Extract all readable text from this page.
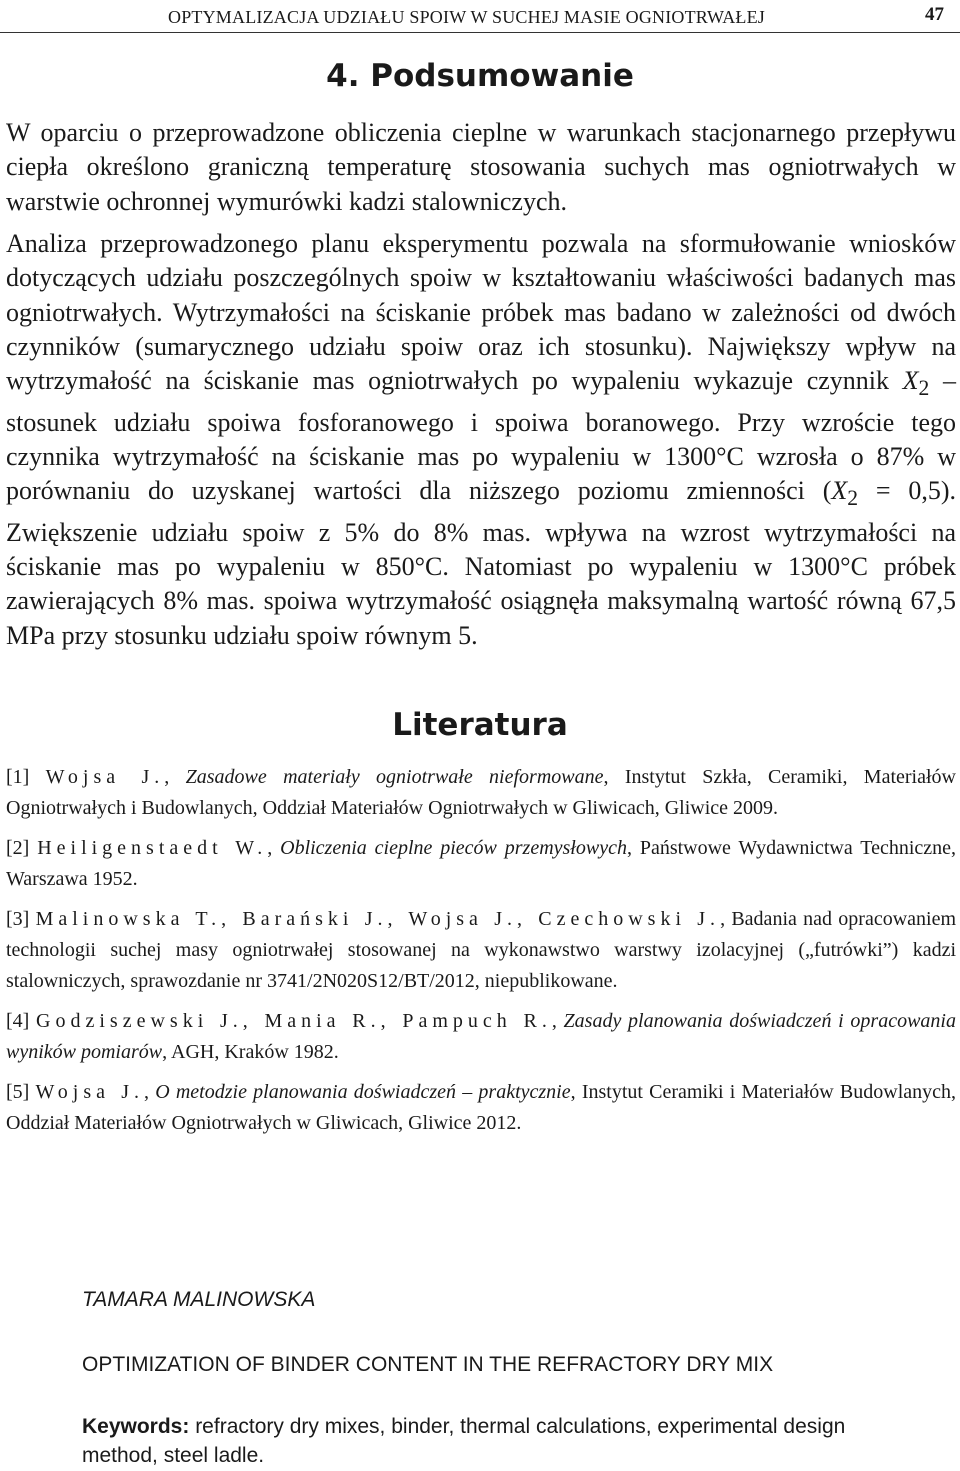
OPTYMALIZACJA UDZIAŁU SPOIW W SUCHEJ MASIE OGNIOTRWAŁEJ	47
4. Podsumowanie

W oparciu o przeprowadzone obliczenia cieplne w warunkach stacjonarnego przepływu ciepła określono graniczną temperaturę stosowania suchych mas ogniotrwałych w warstwie ochronnej wymurówki kadzi stalowniczych.

Analiza przeprowadzonego planu eksperymentu pozwala na sformułowanie wniosków dotyczących udziału poszczególnych spoiw w kształtowaniu właściwości badanych mas ogniotrwałych. Wytrzymałości na ściskanie próbek mas badano w zależności od dwóch czynników (sumarycznego udziału spoiw oraz ich stosunku). Największy wpływ na wytrzymałość na ściskanie mas ogniotrwałych po wypaleniu wykazuje czynnik $X_2$ – stosunek udziału spoiwa fosforanowego i spoiwa boranowego. Przy wzroście tego czynnika wytrzymałość na ściskanie mas po wypaleniu w 1300°C wzrosła o 87% w porównaniu do uzyskanej wartości dla niższego poziomu zmienności $(X_2 = 0,5)$. Zwiększenie udziału spoiw z 5% do 8% mas. wpływa na wzrost wytrzymałości na ściskanie mas po wypaleniu w 850°C. Natomiast po wypaleniu w 1300°C próbek zawierających 8% mas. spoiwa wytrzymałość osiągnęła maksymalną wartość równą 67,5 MPa przy stosunku udziału spoiw równym 5.

Literatura

[1] Wojsa J., Zasadowe materiały ogniotrwałe nieformowane, Instytut Szkła, Ceramiki, Materiałów Ogniotrwałych i Budowlanych, Oddział Materiałów Ogniotrwałych w Gliwicach, Gliwice 2009.

[2] Heiligenstaedt W., Obliczenia cieplne pieców przemysłowych, Państwowe Wydawnictwa Techniczne, Warszawa 1952.

[3] Malinowska T., Barański J., Wojsa J., Czechowski J., Badania nad opracowaniem technologii suchej masy ogniotrwałej stosowanej na wykonawstwo warstwy izolacyjnej („futrówki”) kadzi stalowniczych, sprawozdanie nr 3741/2N020S12/BT/2012, niepublikowane.

[4] Godziszewski J., Mania R., Pampuch R., Zasady planowania doświadczeń i opracowania wyników pomiarów, AGH, Kraków 1982.

[5] Wojsa J., O metodzie planowania doświadczeń – praktycznie, Instytut Ceramiki i Materiałów Budowlanych, Oddział Materiałów Ogniotrwałych w Gliwicach, Gliwice 2012.

TAMARA MALINOWSKA
OPTIMIZATION OF BINDER CONTENT IN THE REFRACTORY DRY MIX
Keywords: refractory dry mixes, binder, thermal calculations, experimental design method, steel ladle.
